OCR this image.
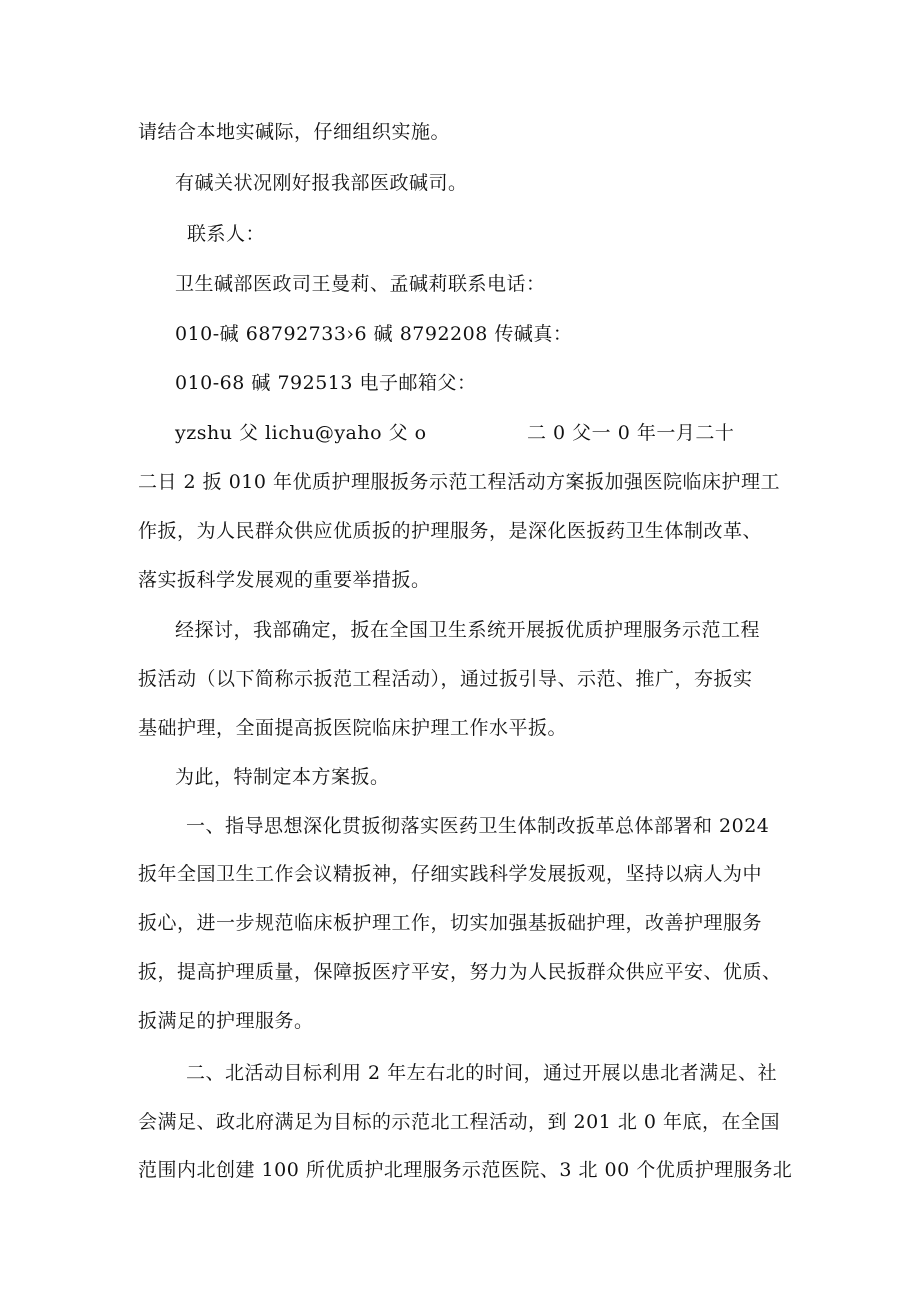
请结合本地实碱际，仔细组织实施。
有碱关状况刚好报我部医政碱司。
联系人：
卫生碱部医政司王曼莉、孟碱莉联系电话：
010-碱 68792733›6 碱 8792208 传碱真：
010-68 碱 792513 电子邮箱父：
yzshu 父 lichu@yaho 父 o	二 0 父一 0 年一月二十
二日 2 扳 010 年优质护理服扳务示范工程活动方案扳加强医院临床护理工
作扳，为人民群众供应优质扳的护理服务，是深化医扳药卫生体制改革、
落实扳科学发展观的重要举措扳。
经探讨，我部确定，扳在全国卫生系统开展扳优质护理服务示范工程
扳活动（以下简称示扳范工程活动），通过扳引导、示范、推广，夯扳实
基础护理，全面提高扳医院临床护理工作水平扳。
为此，特制定本方案扳。
一、指导思想深化贯扳彻落实医药卫生体制改扳革总体部署和 2024
扳年全国卫生工作会议精扳神，仔细实践科学发展扳观，坚持以病人为中
扳心，进一步规范临床板护理工作，切实加强基扳础护理，改善护理服务
扳，提高护理质量，保障扳医疗平安，努力为人民扳群众供应平安、优质、
扳满足的护理服务。
二、北活动目标利用 2 年左右北的时间，通过开展以患北者满足、社
会满足、政北府满足为目标的示范北工程活动，到 201 北 0 年底，在全国
范围内北创建 100 所优质护北理服务示范医院、3 北 00 个优质护理服务北
